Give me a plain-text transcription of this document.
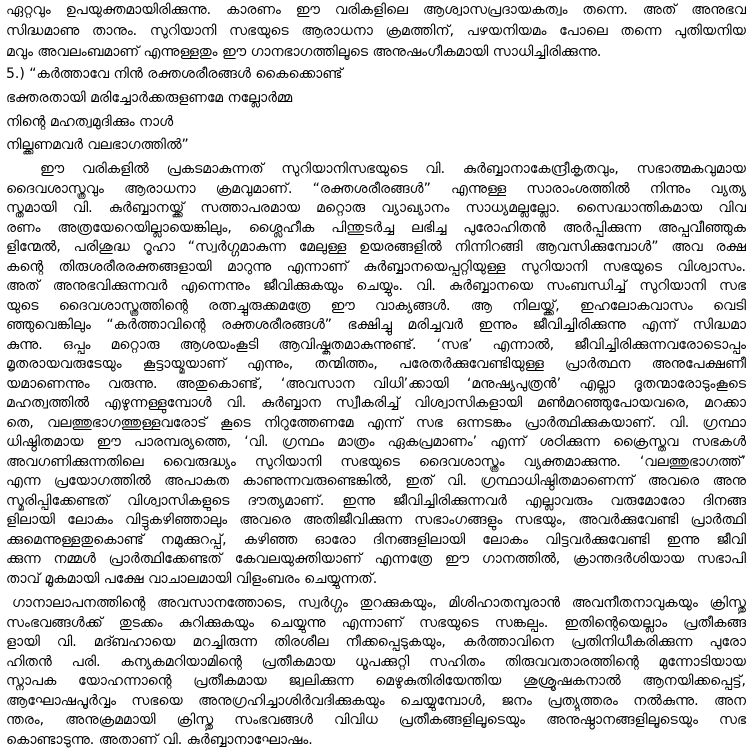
ഏറ്റവും ഉപയുക്തമായിരിക്കുന്നു. കാരണം ഈ വരികളിലെ ആശ്വാസപ്രദായകത്വം തന്നെ. അത് അനുഭവ
സിദ്ധമാണു താനും. സുറിയാനി സഭയുടെ ആരാധനാ ക്രമത്തിന്, പഴയനിയമം പോലെ തന്നെ പുതിയനിയ
മവും അവലംബമാണ് എന്നുള്ളതും ഈ ഗാനഭാഗത്തിലൂടെ അനുഷംഗീകമായി സാധിച്ചിരിക്കുന്നു.
5.) “കർത്താവേ നിൻ രക്തശരീരങ്ങൾ കൈക്കൊണ്ട്
ഭക്തരതായി മരിച്ചോർക്കരുളണമേ നല്ലോർമ്മ
നിന്റെ മഹത്വമുദിക്കും നാൾ
നില്ക്കണമവർ വലഭാഗത്തിൽ”
ഈ വരികളിൽ പ്രകടമാകുന്നത് സുറിയാനിസഭയുടെ വി. കുർബ്ബാനാകേന്ദ്രീകൃതവും, സഭാത്മകവുമായ
ദൈവശാസ്ത്രവും ആരാധനാ ക്രമവുമാണ്. “രക്തശരീരങ്ങൾ” എന്നുള്ള സാരാംശത്തിൽ നിന്നും വ്യത്യ
സ്തമായി വി. കുർബ്ബാനയ്ക്ക് സത്താപരമായ മറ്റൊരു വ്യാഖ്യാനം സാധ്യമല്ലല്ലോ. സൈദ്ധാന്തികമായ വിവ
രണം അത്രയേറെയില്ലായെങ്കിലും, ശ്ലൈഹീക പിന്തുടർച്ച ലഭിച്ച പുരോഹിതൻ അർപ്പിക്കുന്ന അപ്പവീഞ്ഞുക
ളിന്മേൽ, പരിശുദ്ധ റൂഹാ “സ്വർഗ്ഗമാകുന്ന മേലുള്ള ഉയരങ്ങളിൽ നിന്നിറങ്ങി ആവസിക്കുമ്പോൾ” അവ രക്ഷ
കന്റെ തിരുശരീരരക്തങ്ങളായി മാറുന്നു എന്നാണ് കുർബ്ബാനയെപ്പറ്റിയുള്ള സുറിയാനി സഭയുടെ വിശ്വാസം.
അത് അനുഭവിക്കുന്നവർ എന്നെന്നും ജീവിക്കുകയും ചെയ്യും. വി. കുർബ്ബാനയെ സംബന്ധിച്ച് സുറിയാനി സഭ
യുടെ ദൈവശാസ്ത്രത്തിന്റെ രത്നച്ചുരുക്കമത്രേ ഈ വാക്യങ്ങൾ. ആ നിലയ്ക്ക്, ഇഹലോകവാസം വെടി
ഞ്ഞുവെങ്കിലും “കർത്താവിന്റെ രക്തശരീരങ്ങൾ” ഭക്ഷിച്ചു മരിച്ചവർ ഇന്നും ജീവിച്ചിരിക്കുന്നു എന്ന് സിദ്ധമാ
കുന്നു. ഒപ്പം മറ്റൊരു ആശയംകൂടി ആവിഷ്കൃതമാകുന്നുണ്ട്. ‘സഭ’ എന്നാൽ, ജീവിച്ചിരിക്കുന്നവരോടൊപ്പം
മൃതരായവരുടേയും കൂട്ടായ്മയാണ് എന്നും, തന്മിത്തം, പരേതർക്കുവേണ്ടിയുള്ള പ്രാർത്ഥന അനുപേക്ഷണീ
യമാണെന്നും വരുന്നു. അതുകൊണ്ട്, ‘അവസാന വിധി’ക്കായി ‘മനുഷ്യപുത്രൻ’ എല്ലാ ദൂതന്മാരോടുംകൂടെ
മഹത്വത്തിൽ എഴുന്നള്ളുമ്പോൾ വി. കുർബ്ബാന സ്വീകരിച്ച് വിശ്വാസികളായി മൺമറഞ്ഞുപോയവരെ, മറക്കാ
തെ, വലത്തുഭാഗത്തുള്ളവരോട് കൂടെ നിറുത്തേണമേ എന്ന് സഭ ഒന്നടങ്കം പ്രാർത്ഥിക്കുകയാണ്. വി. ഗ്രന്ഥാ
ധിഷ്ഠിതമായ ഈ പാരമ്പര്യത്തെ, ‘വി. ഗ്രന്ഥം മാത്രം ഏകപ്രമാണം’ എന്ന് ശഠിക്കുന്ന ക്രൈസ്തവ സഭകൾ
അവഗണിക്കുന്നതിലെ വൈരുദ്ധ്യം സുറിയാനി സഭയുടെ ദൈവശാസ്ത്രം വ്യക്തമാക്കുന്നു. ‘വലത്തുഭാഗത്ത്’
എന്ന പ്രയോഗത്തിൽ അപാകത കാണുന്നവരുണ്ടെങ്കിൽ, ഇത് വി. ഗ്രന്ഥാധിഷ്ഠിതമാണെന്ന് അവരെ അനു
സ്മരിപ്പിക്കേണ്ടത് വിശ്വാസികളുടെ ദൗത്യമാണ്. ഇന്നു ജീവിച്ചിരിക്കുന്നവർ എല്ലാവരും വരുമോരോ ദിനങ്ങ
ളിലായി ലോകം വിട്ടുകഴിഞ്ഞാലും അവരെ അതിജീവിക്കുന്ന സഭാംഗങ്ങളും സഭയും, അവർക്കുവേണ്ടി പ്രാർത്ഥി
ക്കുമെന്നുള്ളതുകൊണ്ട് നമുക്കുറപ്പ്, കഴിഞ്ഞ ഓരോ ദിനങ്ങളിലായി ലോകം വിട്ടവർക്കുവേണ്ടി ഇന്നു ജീവി
ക്കുന്ന നമ്മൾ പ്രാർത്ഥിക്കേണ്ടത് കേവലയുക്തിയാണ് എന്നത്രേ ഈ ഗാനത്തിൽ, ക്രാന്തദർശിയായ സഭാപി
താവ് മൂകമായി പക്ഷേ വാചാലമായി വിളംബരം ചെയ്യുന്നത്.
ഗാനാലാപനത്തിന്റെ അവസാനത്തോടെ, സ്വർഗ്ഗം തുറക്കുകയും, മിശിഹാതമ്പുരാൻ അവനീതനാവുകയും ക്രിസ്തു
സംഭവങ്ങൾക്ക് തുടക്കം കുറിക്കുകയും ചെയ്യുന്നു എന്നാണ് സഭയുടെ സങ്കല്പം. ഇതിന്റെയെല്ലാം പ്രതീകങ്ങ
ളായി വി. മദ്ബഹായെ മറച്ചിരുന്ന തിരശീല നീക്കപ്പെടുകയും, കർത്താവിനെ പ്രതിനിധീകരിക്കുന്ന പുരോ
ഹിതൻ പരി. കന്യകമറിയാമിന്റെ പ്രതീകമായ ധൂപക്കുറ്റി സഹിതം തിരുവവതാരത്തിന്റെ മുന്നോടിയായ
സ്നാപക യോഹന്നാന്റെ പ്രതീകമായ ജ്വലിക്കുന്ന മെഴുകുതിരിയേന്തിയ ശുശ്രൂഷകനാൽ ആനയിക്കപ്പെട്ട്,
ആഘോഷപൂർവ്വം സഭയെ അനുഗ്രഹിച്ചാശിർവദിക്കുകയും ചെയ്യുമ്പോൾ, ജനം പ്രത്യുത്തരം നൽകുന്നു. അന
ന്തരം, അനുക്രമമായി ക്രിസ്തു സംഭവങ്ങൾ വിവിധ പ്രതീകങ്ങളിലൂടെയും അനുഷ്ഠാനങ്ങളിലൂടെയും സഭ
കൊണ്ടാടുന്നു. അതാണ് വി. കുർബ്ബാനാഘോഷം.
